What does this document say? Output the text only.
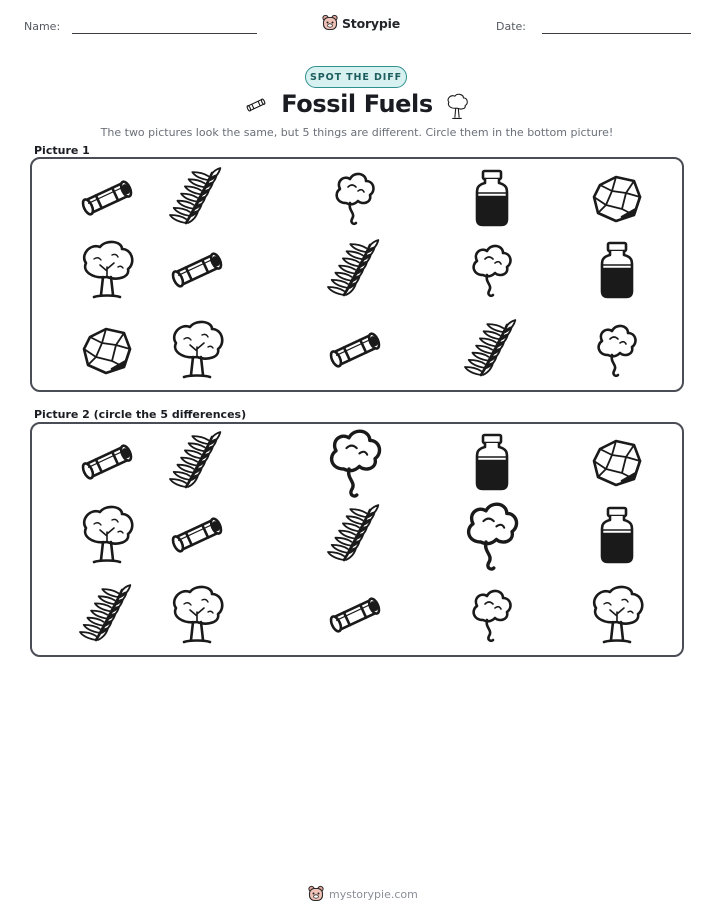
Name:	Storypie	Date:
SPOT THE DIFF
Fossil Fuels
The two pictures look the same, but 5 things are different. Circle them in the bottom picture!
Picture 1
Picture 2 (circle the 5 differences)
mystorypie.com
